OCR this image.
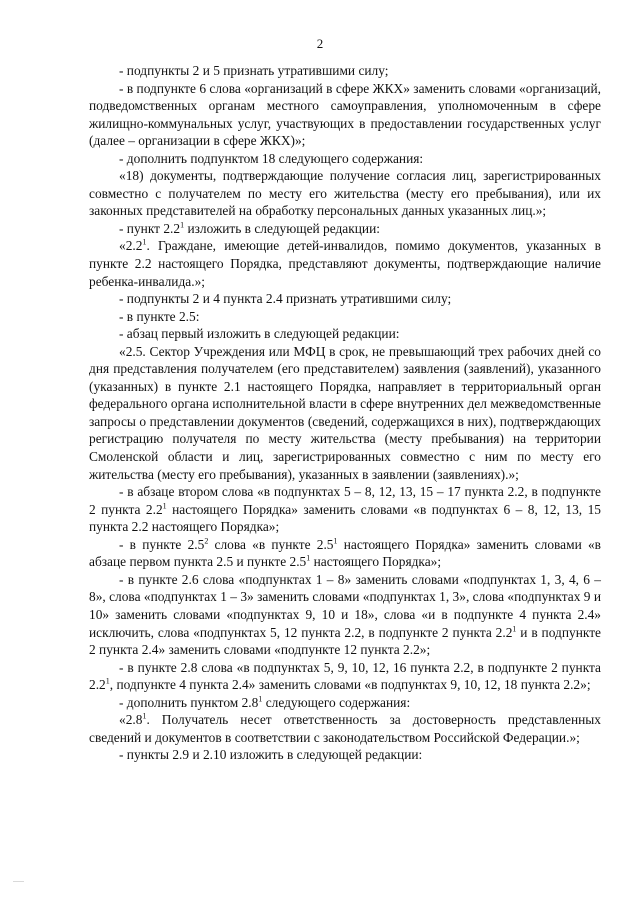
2

- подпункты 2 и 5 признать утратившими силу;

- в подпункте 6 слова «организаций в сфере ЖКХ» заменить словами «организаций, подведомственных органам местного самоуправления, уполномоченным в сфере жилищно-коммунальных услуг, участвующих в предоставлении государственных услуг (далее – организации в сфере ЖКХ)»;

- дополнить подпунктом 18 следующего содержания:

«18) документы, подтверждающие получение согласия лиц, зарегистрированных совместно с получателем по месту его жительства (месту его пребывания), или их законных представителей на обработку персональных данных указанных лиц.»;

- пункт $2.2^1$ изложить в следующей редакции:

«$2.2^1$. Граждане, имеющие детей-инвалидов, помимо документов, указанных в пункте 2.2 настоящего Порядка, представляют документы, подтверждающие наличие ребенка-инвалида.»;

- подпункты 2 и 4 пункта 2.4 признать утратившими силу;

- в пункте 2.5:

- абзац первый изложить в следующей редакции:

«2.5. Сектор Учреждения или МФЦ в срок, не превышающий трех рабочих дней со дня представления получателем (его представителем) заявления (заявлений), указанного (указанных) в пункте 2.1 настоящего Порядка, направляет в территориальный орган федерального органа исполнительной власти в сфере внутренних дел межведомственные запросы о представлении документов (сведений, содержащихся в них), подтверждающих регистрацию получателя по месту жительства (месту пребывания) на территории Смоленской области и лиц, зарегистрированных совместно с ним по месту его жительства (месту его пребывания), указанных в заявлении (заявлениях).»;

- в абзаце втором слова «в подпунктах 5 – 8, 12, 13, 15 – 17 пункта 2.2, в подпункте 2 пункта $2.2^1$ настоящего Порядка» заменить словами «в подпунктах 6 – 8, 12, 13, 15 пункта 2.2 настоящего Порядка»;

- в пункте $2.5^2$ слова «в пункте $2.5^1$ настоящего Порядка» заменить словами «в абзаце первом пункта 2.5 и пункте $2.5^1$ настоящего Порядка»;

- в пункте 2.6 слова «подпунктах 1 – 8» заменить словами «подпунктах 1, 3, 4, 6 – 8», слова «подпунктах 1 – 3» заменить словами «подпунктах 1, 3», слова «подпунктах 9 и 10» заменить словами «подпунктах 9, 10 и 18», слова «и в подпункте 4 пункта 2.4» исключить, слова «подпунктах 5, 12 пункта 2.2, в подпункте 2 пункта $2.2^1$ и в подпункте 2 пункта 2.4» заменить словами «подпункте 12 пункта 2.2»;

- в пункте 2.8 слова «в подпунктах 5, 9, 10, 12, 16 пункта 2.2, в подпункте 2 пункта $2.2^1$, подпункте 4 пункта 2.4» заменить словами «в подпунктах 9, 10, 12, 18 пункта 2.2»;

- дополнить пунктом $2.8^1$ следующего содержания:

«$2.8^1$. Получатель несет ответственность за достоверность представленных сведений и документов в соответствии с законодательством Российской Федерации.»;

- пункты 2.9 и 2.10 изложить в следующей редакции:
